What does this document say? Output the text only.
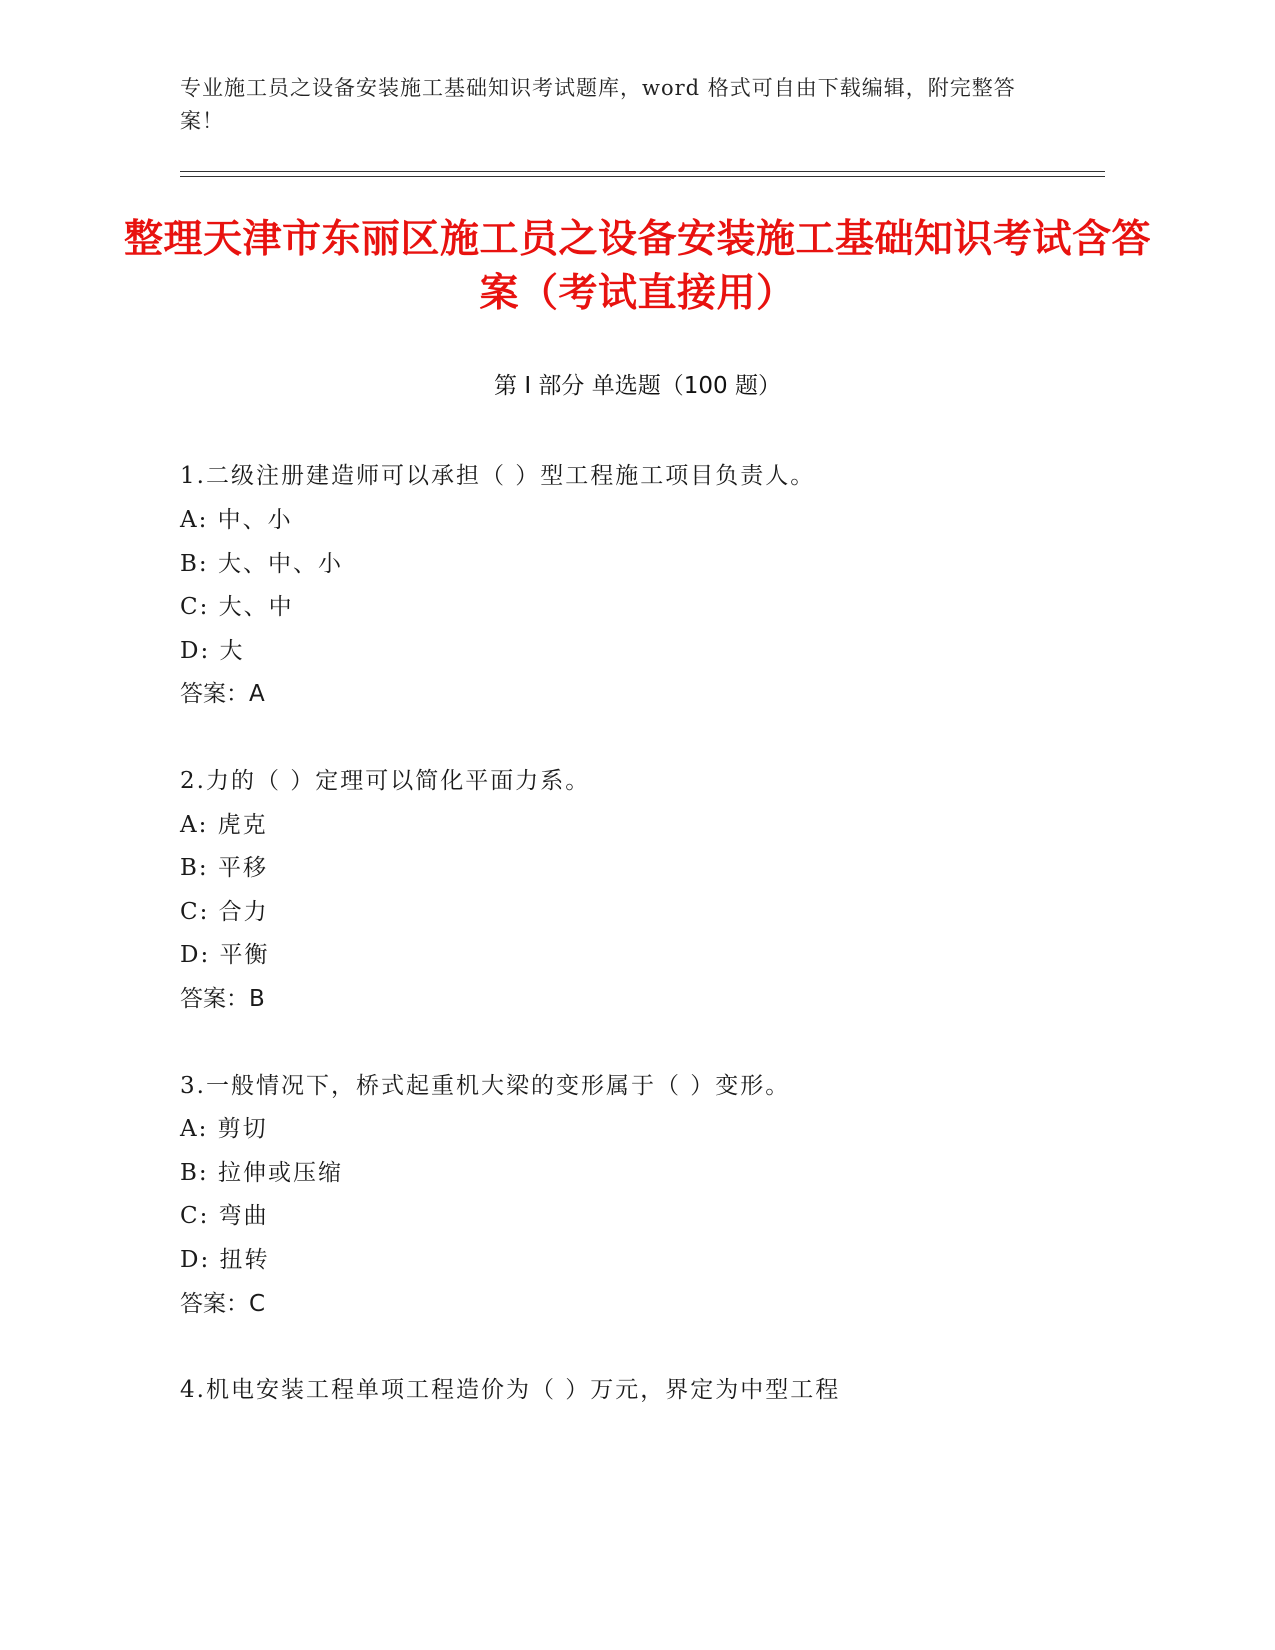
专业施工员之设备安装施工基础知识考试题库，word 格式可自由下载编辑，附完整答案！
整理天津市东丽区施工员之设备安装施工基础知识考试含答案（考试直接用）
第 I 部分 单选题（100 题）
1.二级注册建造师可以承担（ ）型工程施工项目负责人。
A: 中、小
B: 大、中、小
C: 大、中
D: 大
答案：A
2.力的（ ）定理可以简化平面力系。
A: 虎克
B: 平移
C: 合力
D: 平衡
答案：B
3.一般情况下，桥式起重机大梁的变形属于（ ）变形。
A: 剪切
B: 拉伸或压缩
C: 弯曲
D: 扭转
答案：C
4.机电安装工程单项工程造价为（ ）万元，界定为中型工程
